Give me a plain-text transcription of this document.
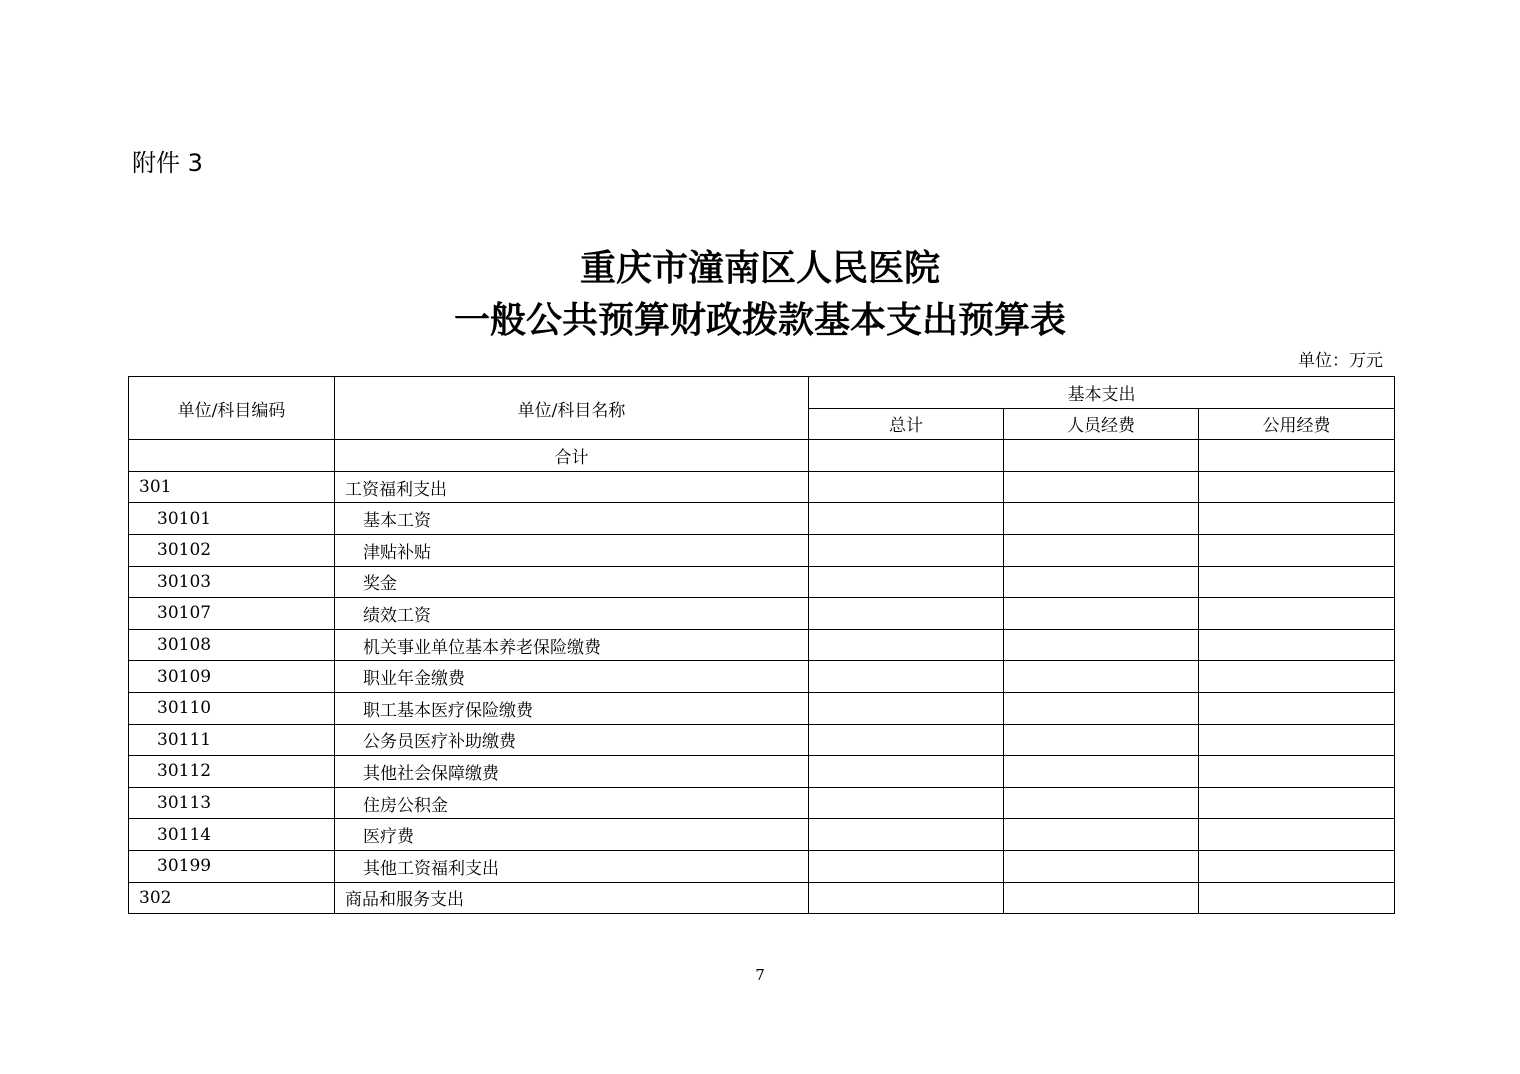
附件 3
重庆市潼南区人民医院
一般公共预算财政拨款基本支出预算表
单位：万元
单位/科目编码	单位/科目名称	基本支出		
		总计	人员经费	公用经费
	合计			
301	工资福利支出			
30101	基本工资			
30102	津贴补贴			
30103	奖金			
30107	绩效工资			
30108	机关事业单位基本养老保险缴费			
30109	职业年金缴费			
30110	职工基本医疗保险缴费			
30111	公务员医疗补助缴费			
30112	其他社会保障缴费			
30113	住房公积金			
30114	医疗费			
30199	其他工资福利支出			
302	商品和服务支出			
7
